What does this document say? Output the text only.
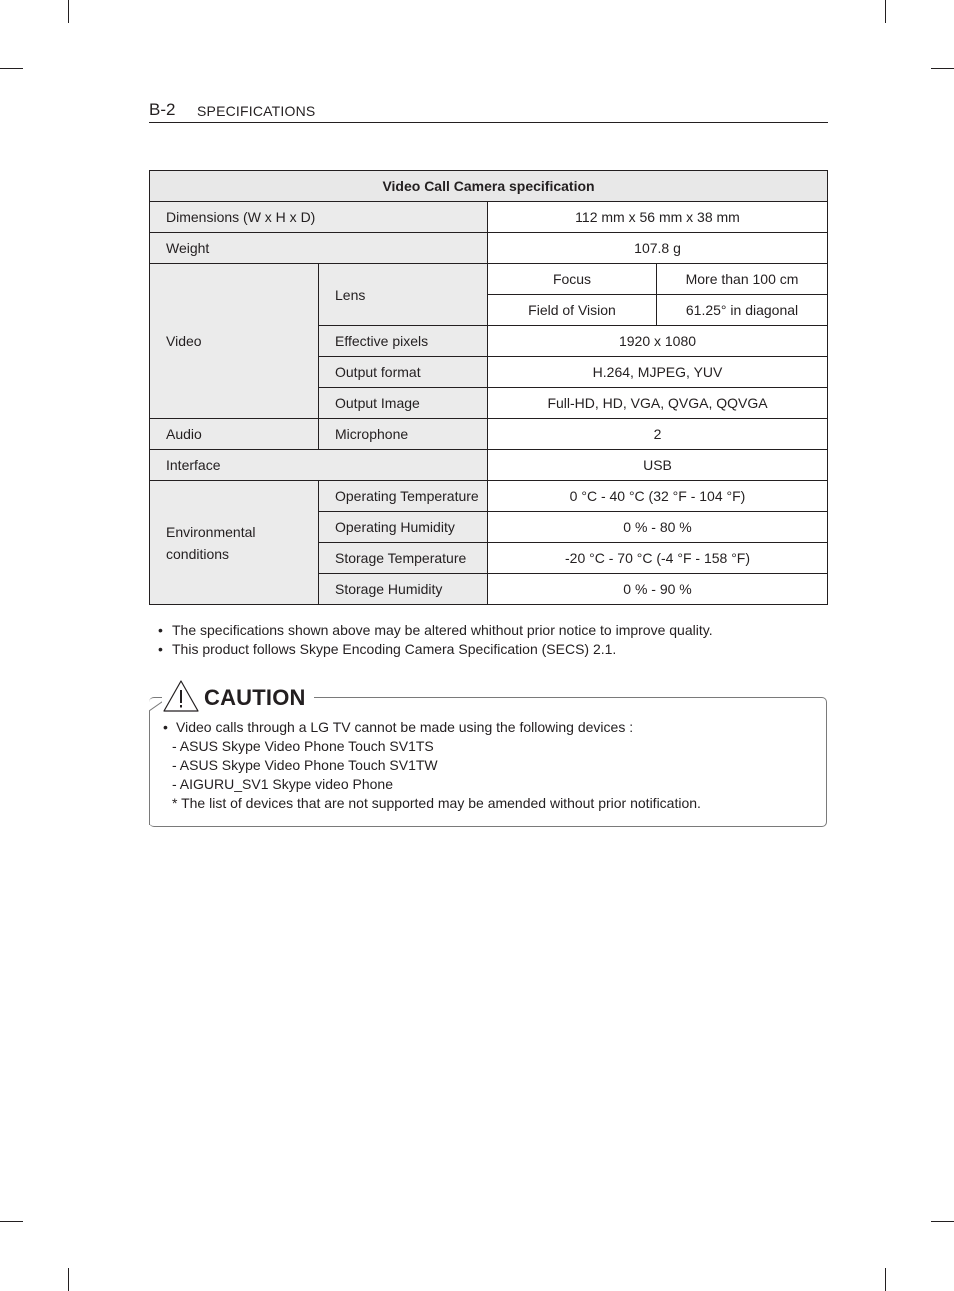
B-2 SPECIFICATIONS
Video Call Camera specification			
Dimensions (W x H x D)		112 mm x 56 mm x 38 mm	
Weight		107.8 g	
Video	Lens	Focus	More than 100 cm
		Field of Vision	61.25° in diagonal
	Effective pixels	1920 x 1080	
	Output format	H.264, MJPEG, YUV	
	Output Image	Full-HD, HD, VGA, QVGA, QQVGA	
Audio	Microphone	2	
Interface		USB	
Environmental
conditions	Operating Temperature	0 °C - 40 °C (32 °F - 104 °F)	
	Operating Humidity	0 % - 80 %	
	Storage Temperature	-20 °C - 70 °C (-4 °F - 158 °F)	
	Storage Humidity	0 % - 90 %	
• The specifications shown above may be altered whithout prior notice to improve quality.
• This product follows Skype Encoding Camera Specification (SECS) 2.1.
CAUTION
• Video calls through a LG TV cannot be made using the following devices :
- ASUS Skype Video Phone Touch SV1TS
- ASUS Skype Video Phone Touch SV1TW
- AIGURU_SV1 Skype video Phone
* The list of devices that are not supported may be amended without prior notification.
